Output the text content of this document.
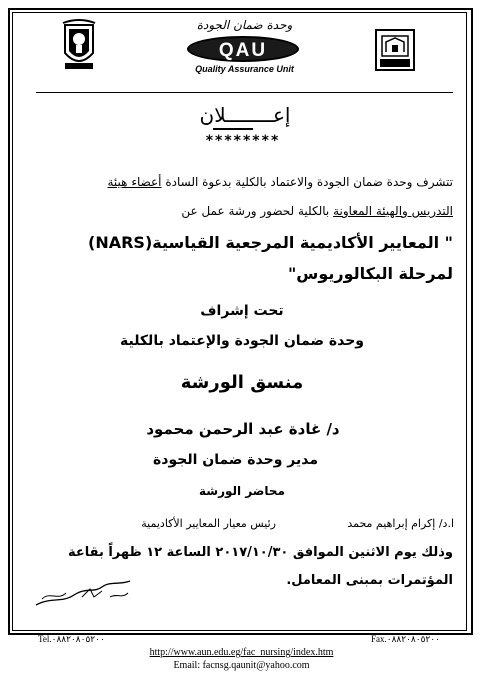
وحدة ضمان الجودة
QAU
Quality Assurance Unit
إعــــــــلان
********
تتشرف وحدة ضمان الجودة والاعتماد بالكلية بدعوة السادة أعضاء هيئة
التدريس والهيئة المعاونة بالكلية لحضور ورشة عمل عن
" المعايير الأكاديمية المرجعية القياسية(NARS)
لمرحلة البكالوريوس"
تحت إشراف
وحدة ضمان الجودة والإعتماد بالكلية
منسق الورشة
د/ غادة عبد الرحمن محمود
مدير وحدة ضمان الجودة
محاضر الورشة
ا.د/ إكرام إبراهيم محمد
رئيس معيار المعايير الأكاديمية
وذلك يوم الاثنين الموافق ٢٠١٧/١٠/٣٠ الساعة ١٢ ظهراً بقاعة
المؤتمرات بمبنى المعامل.
Tel.٠٨٨٢٠٨٠٥٢٠٠	Fax.٠٨٨٢٠٨٠٥٢٠٠
http://www.aun.edu.eg/fac_nursing/index.htm
Email: facnsg.qaunit@yahoo.com
